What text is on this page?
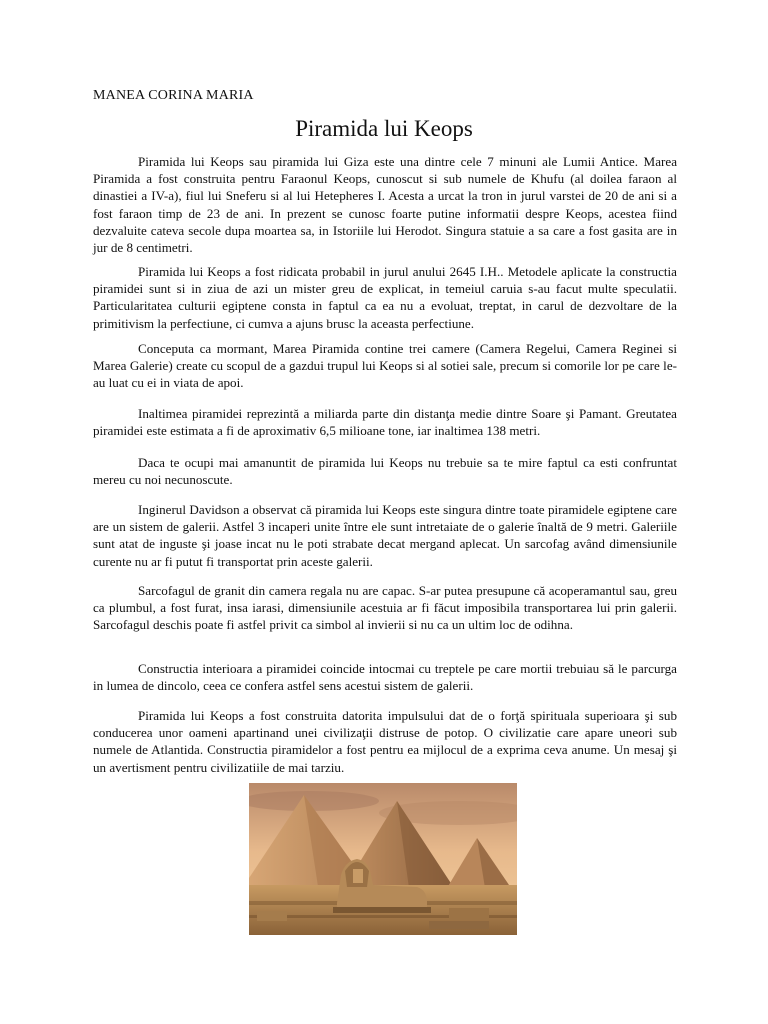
MANEA CORINA MARIA
Piramida lui Keops

Piramida lui Keops sau piramida lui Giza este una dintre cele 7 minuni ale Lumii Antice. Marea Piramida a fost construita pentru Faraonul Keops, cunoscut si sub numele de Khufu (al doilea faraon al dinastiei a IV-a), fiul lui Sneferu si al lui Hetepheres I. Acesta a urcat la tron in jurul varstei de 20 de ani si a fost faraon timp de 23 de ani. In prezent se cunosc foarte putine informatii despre Keops, acestea fiind dezvaluite cateva secole dupa moartea sa, in Istoriile lui Herodot. Singura statuie a sa care a fost gasita are in jur de 8 centimetri.

Piramida lui Keops a fost ridicata probabil in jurul anului 2645 I.H.. Metodele aplicate la constructia piramidei sunt si in ziua de azi un mister greu de explicat, in temeiul caruia s-au facut multe speculatii. Particularitatea culturii egiptene consta in faptul ca ea nu a evoluat, treptat, in carul de dezvoltare de la primitivism la perfectiune, ci cumva a ajuns brusc la aceasta perfectiune.

Conceputa ca mormant, Marea Piramida contine trei camere (Camera Regelui, Camera Reginei si Marea Galerie) create cu scopul de a gazdui trupul lui Keops si al sotiei sale, precum si comorile lor pe care le-au luat cu ei in viata de apoi.

Inaltimea piramidei reprezintă a miliarda parte din distanţa medie dintre Soare şi Pamant. Greutatea piramidei este estimata a fi de aproximativ 6,5 milioane tone, iar inaltimea 138 metri.

Daca te ocupi mai amanuntit de piramida lui Keops nu trebuie sa te mire faptul ca esti confruntat mereu cu noi necunoscute.

Inginerul Davidson a observat că piramida lui Keops este singura dintre toate piramidele egiptene care are un sistem de galerii. Astfel 3 incaperi unite între ele sunt intretaiate de o galerie înaltă de 9 metri. Galeriile sunt atat de inguste şi joase incat nu le poti strabate decat mergand aplecat. Un sarcofag având dimensiunile curente nu ar fi putut fi transportat prin aceste galerii.

Sarcofagul de granit din camera regala nu are capac. S-ar putea presupune că acoperamantul sau, greu ca plumbul, a fost furat, insa iarasi, dimensiunile acestuia ar fi făcut imposibila transportarea lui prin galerii. Sarcofagul deschis poate fi astfel privit ca simbol al invierii si nu ca un ultim loc de odihna.

Constructia interioara a piramidei coincide intocmai cu treptele pe care mortii trebuiau să le parcurga in lumea de dincolo, ceea ce confera astfel sens acestui sistem de galerii.

Piramida lui Keops a fost construita datorita impulsului dat de o forţă spirituala superioara şi sub conducerea unor oameni apartinand unei civilizaţii distruse de potop. O civilizatie care apare uneori sub numele de Atlantida. Constructia piramidelor a fost pentru ea mijlocul de a exprima ceva anume. Un mesaj şi un avertisment pentru civilizatiile de mai tarziu.
